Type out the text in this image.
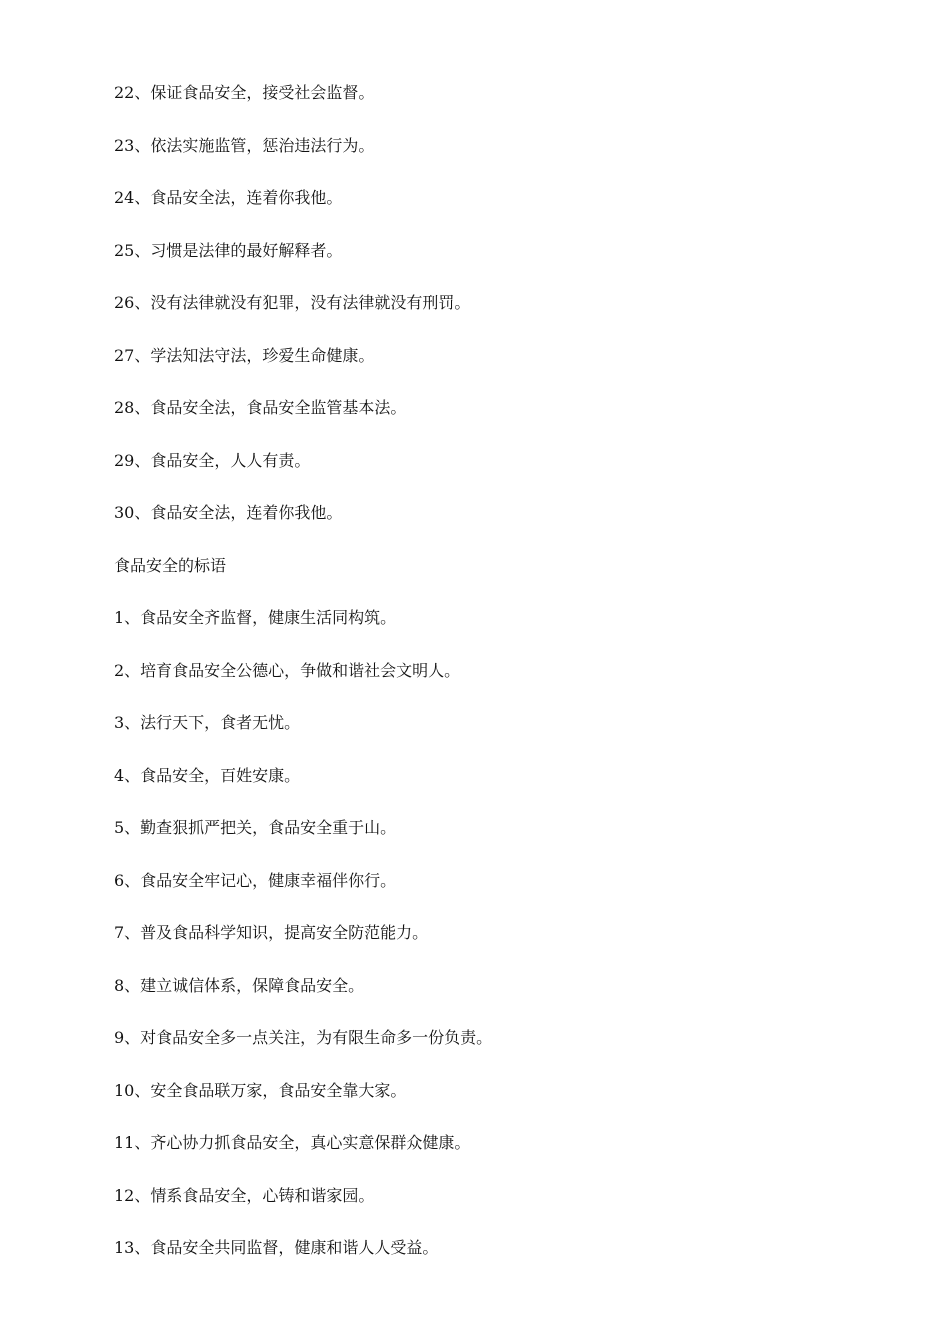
22、保证食品安全，接受社会监督。

23、依法实施监管，惩治违法行为。

24、食品安全法，连着你我他。

25、习惯是法律的最好解释者。

26、没有法律就没有犯罪，没有法律就没有刑罚。

27、学法知法守法，珍爱生命健康。

28、食品安全法，食品安全监管基本法。

29、食品安全，人人有责。

30、食品安全法，连着你我他。

食品安全的标语

1、食品安全齐监督，健康生活同构筑。

2、培育食品安全公德心，争做和谐社会文明人。

3、法行天下，食者无忧。

4、食品安全，百姓安康。

5、勤查狠抓严把关，食品安全重于山。

6、食品安全牢记心，健康幸福伴你行。

7、普及食品科学知识，提高安全防范能力。

8、建立诚信体系，保障食品安全。

9、对食品安全多一点关注，为有限生命多一份负责。

10、安全食品联万家，食品安全靠大家。

11、齐心协力抓食品安全，真心实意保群众健康。

12、情系食品安全，心铸和谐家园。

13、食品安全共同监督，健康和谐人人受益。
